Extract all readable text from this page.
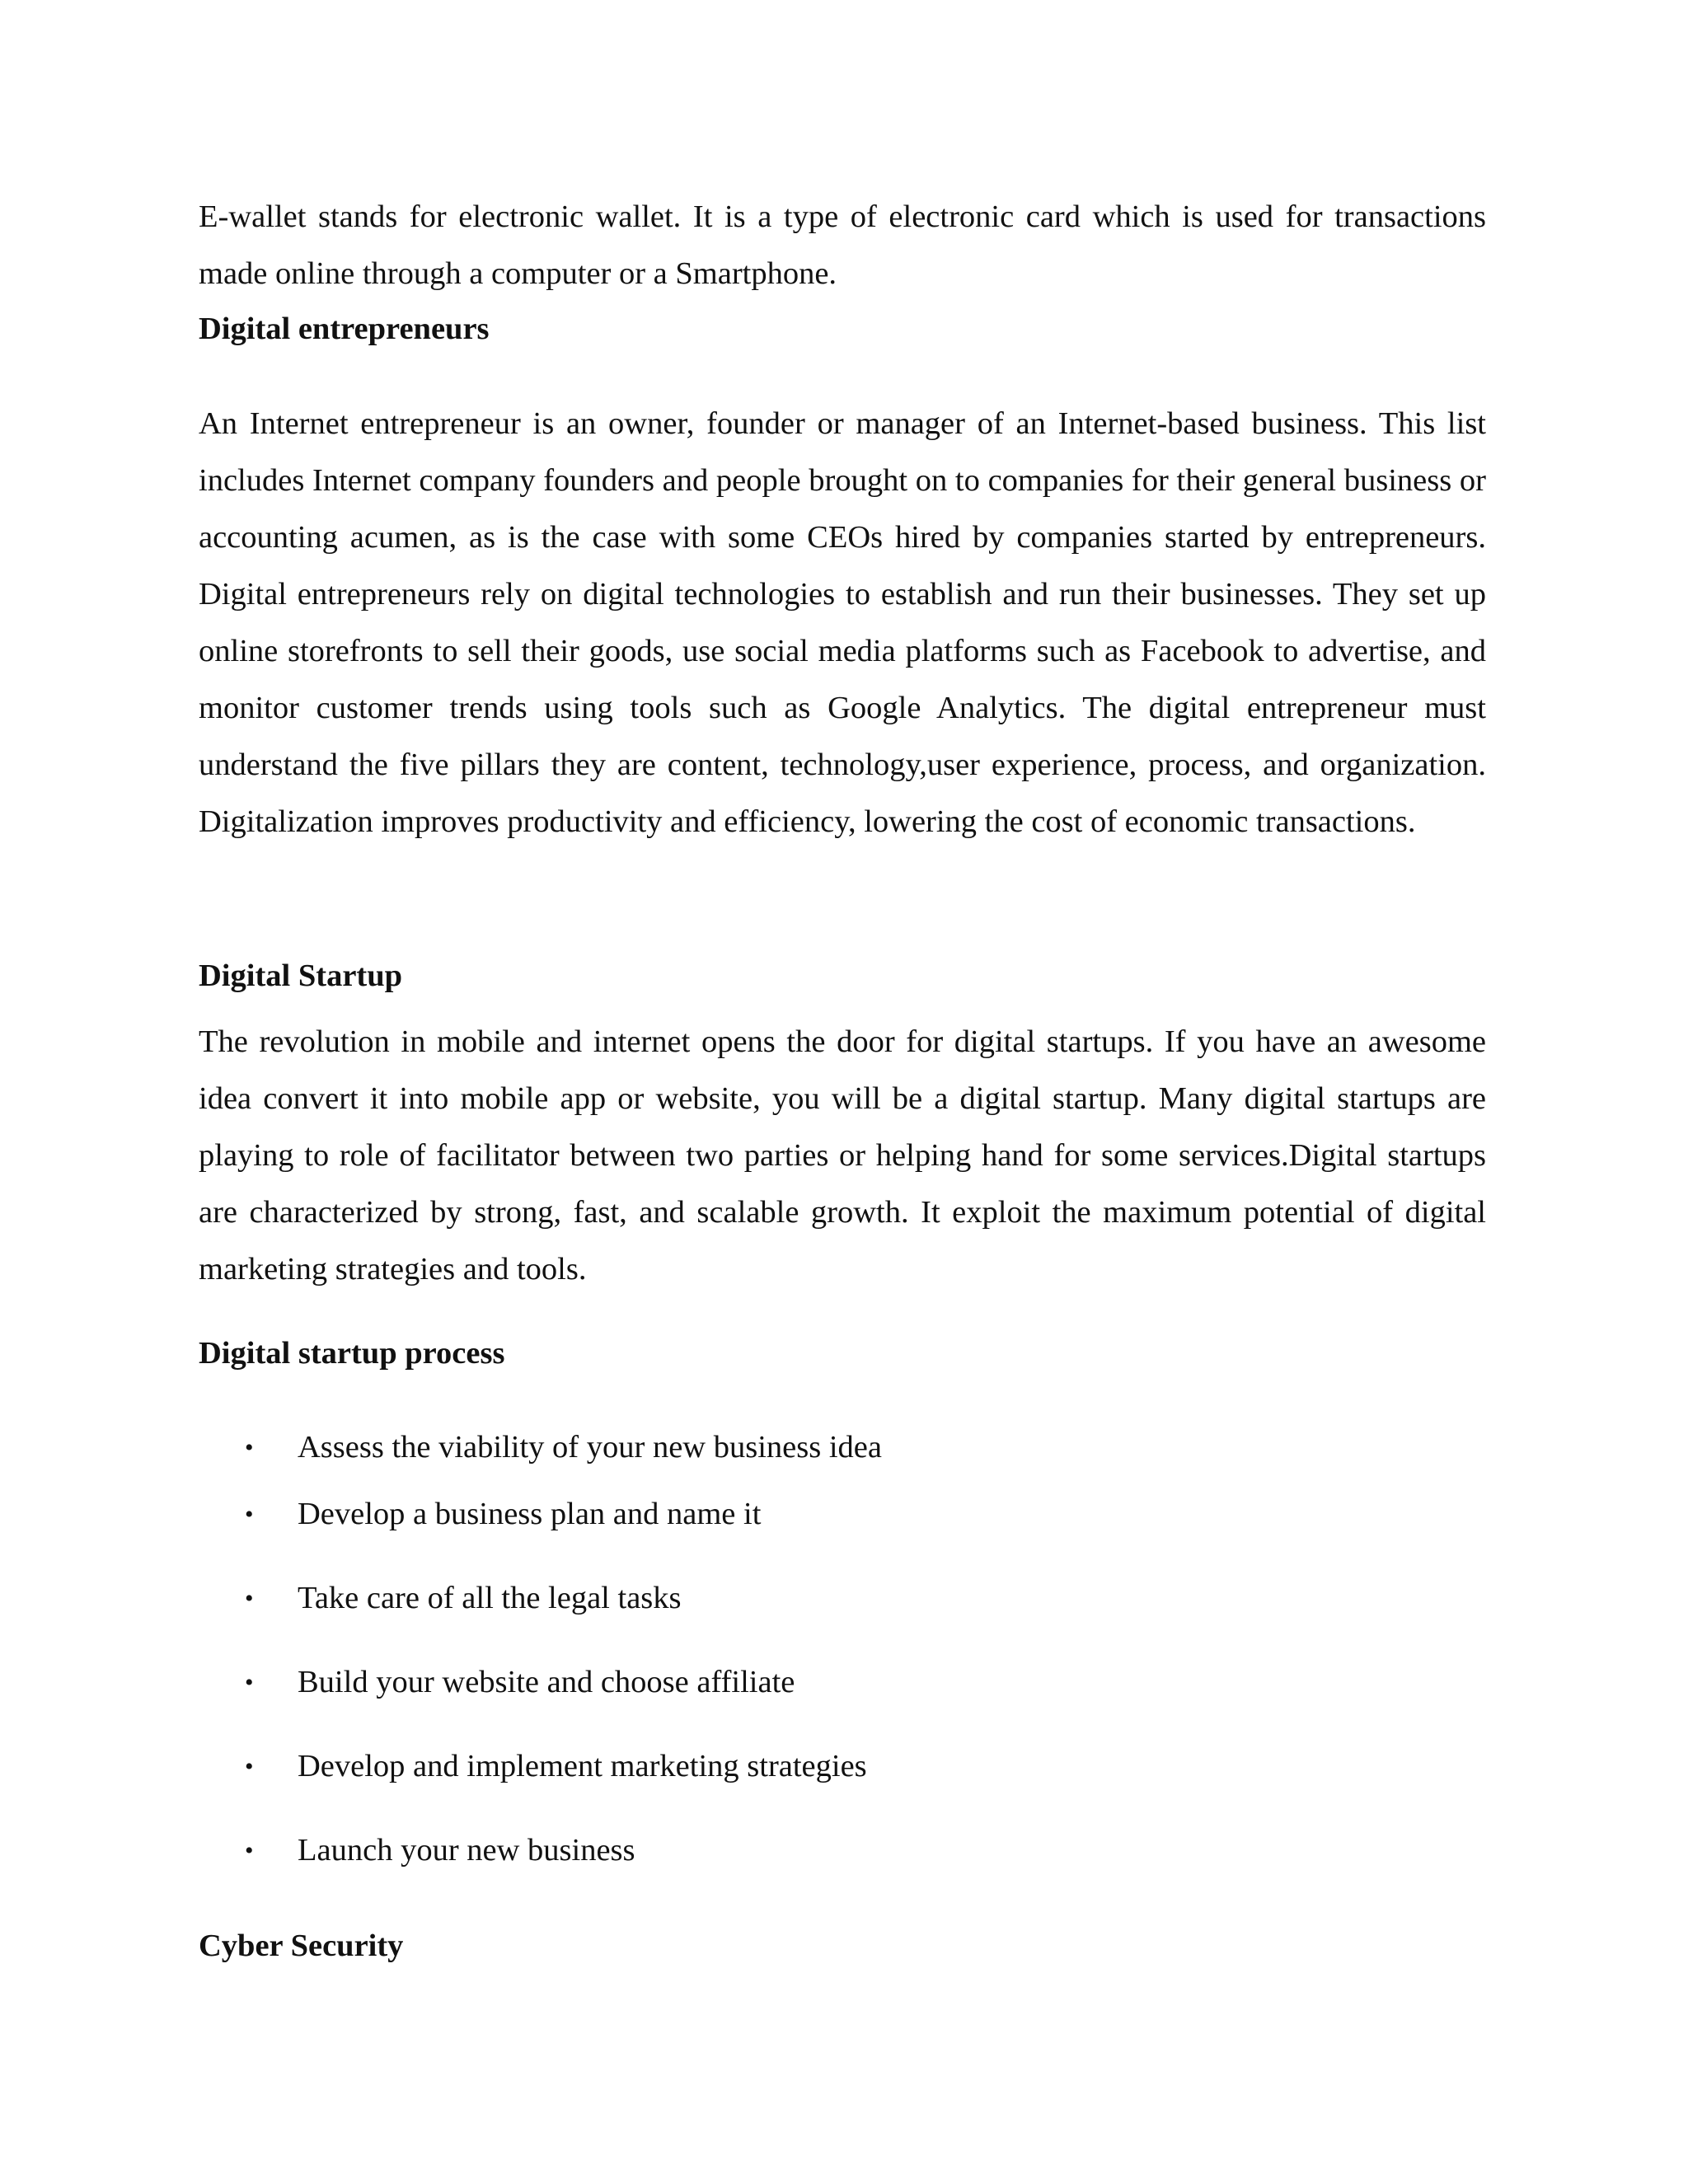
E-wallet stands for electronic wallet. It is a type of electronic card which is used for transactions made online through a computer or a Smartphone.

Digital entrepreneurs

An Internet entrepreneur is an owner, founder or manager of an Internet-based business. This list includes Internet company founders and people brought on to companies for their general business or accounting acumen, as is the case with some CEOs hired by companies started by entrepreneurs. Digital entrepreneurs rely on digital technologies to establish and run their businesses. They set up online storefronts to sell their goods, use social media platforms such as Facebook to advertise, and monitor customer trends using tools such as Google Analytics. The digital entrepreneur must understand the five pillars they are content, technology,user experience, process, and organization. Digitalization improves productivity and efficiency, lowering the cost of economic transactions.

Digital Startup

The revolution in mobile and internet opens the door for digital startups. If you have an awesome idea convert it into mobile app or website, you will be a digital startup. Many digital startups are playing to role of facilitator between two parties or helping hand for some services.Digital startups are characterized by strong, fast, and scalable growth. It exploit the maximum potential of digital marketing strategies and tools.

Digital startup process
• Assess the viability of your new business idea
• Develop a business plan and name it
• Take care of all the legal tasks
• Build your website and choose affiliate
• Develop and implement marketing strategies
• Launch your new business
Cyber Security
